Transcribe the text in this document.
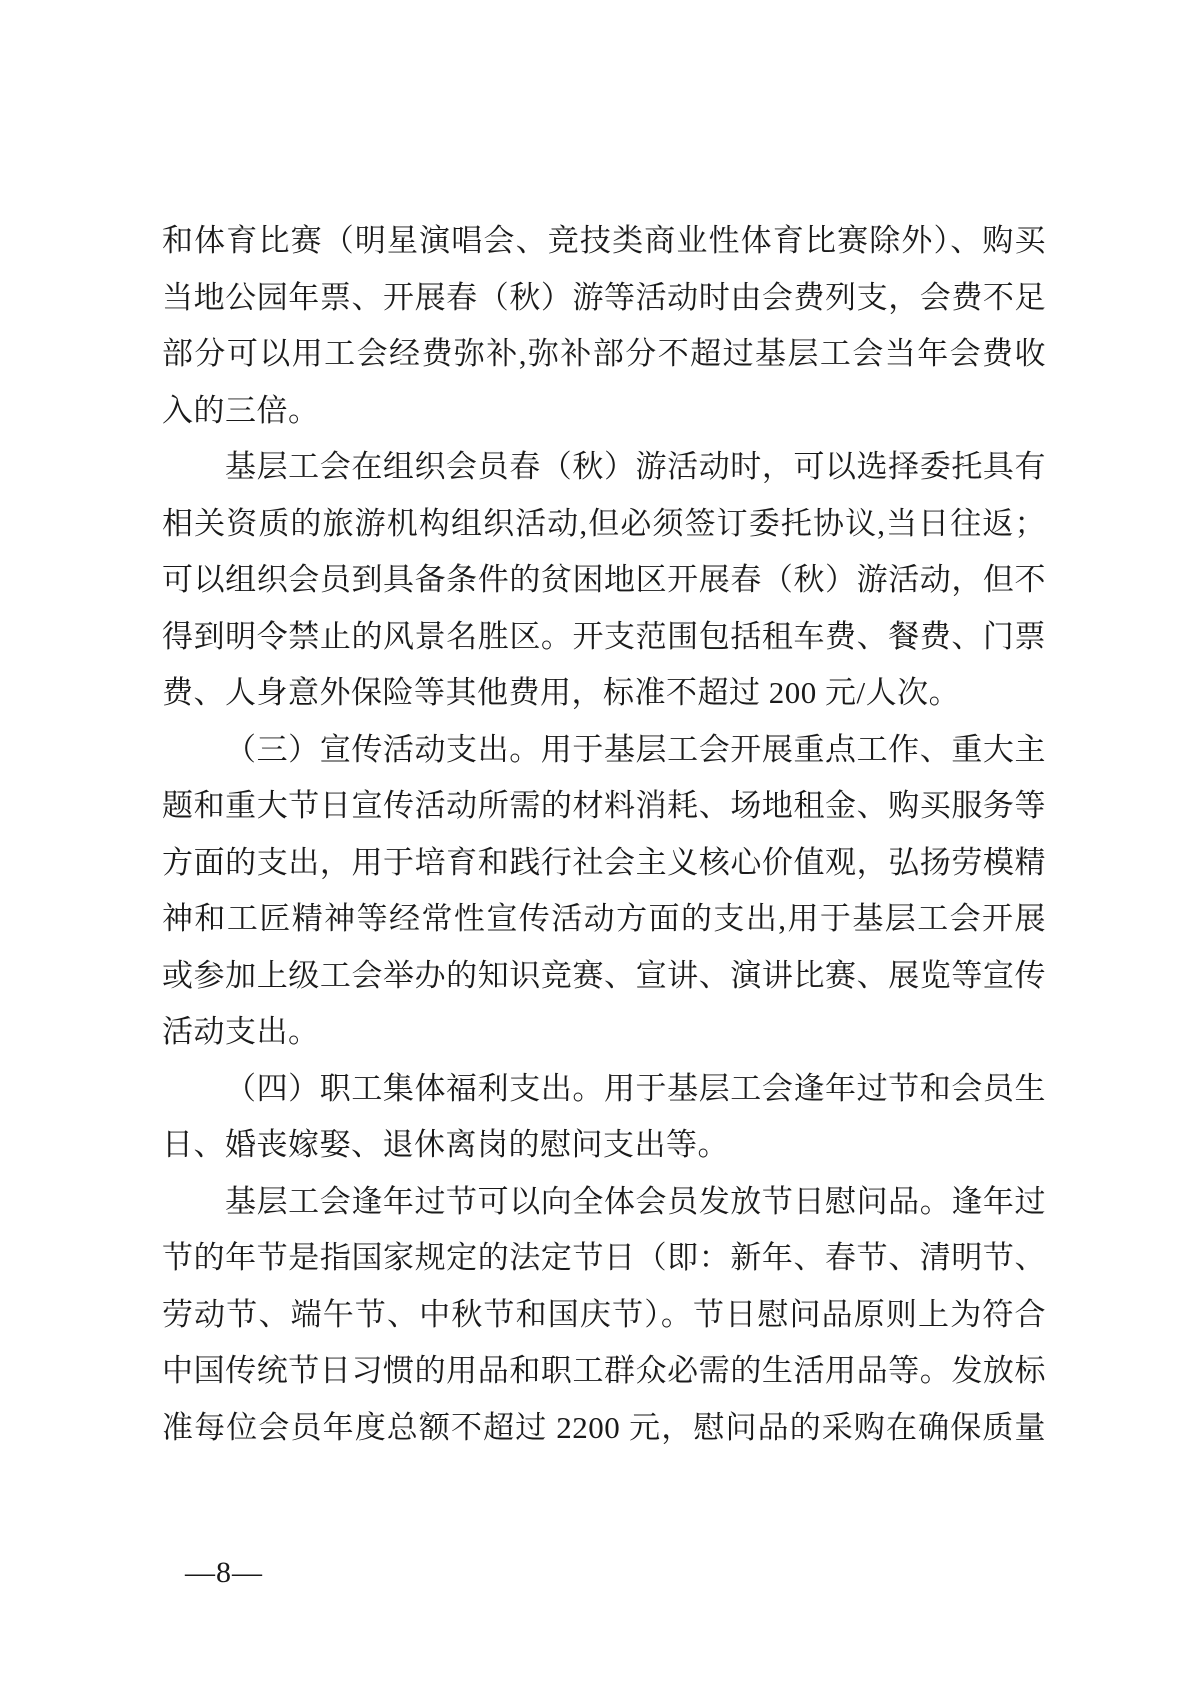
和体育比赛（明星演唱会、竞技类商业性体育比赛除外）、购买
当地公园年票、开展春（秋）游等活动时由会费列支，会费不足
部分可以用工会经费弥补,弥补部分不超过基层工会当年会费收
入的三倍。
基层工会在组织会员春（秋）游活动时，可以选择委托具有
相关资质的旅游机构组织活动,但必须签订委托协议,当日往返；
可以组织会员到具备条件的贫困地区开展春（秋）游活动，但不
得到明令禁止的风景名胜区。开支范围包括租车费、餐费、门票
费、人身意外保险等其他费用，标准不超过 200 元/人次。
（三）宣传活动支出。用于基层工会开展重点工作、重大主
题和重大节日宣传活动所需的材料消耗、场地租金、购买服务等
方面的支出，用于培育和践行社会主义核心价值观，弘扬劳模精
神和工匠精神等经常性宣传活动方面的支出,用于基层工会开展
或参加上级工会举办的知识竞赛、宣讲、演讲比赛、展览等宣传
活动支出。
（四）职工集体福利支出。用于基层工会逢年过节和会员生
日、婚丧嫁娶、退休离岗的慰问支出等。
基层工会逢年过节可以向全体会员发放节日慰问品。逢年过
节的年节是指国家规定的法定节日（即：新年、春节、清明节、
劳动节、端午节、中秋节和国庆节）。节日慰问品原则上为符合
中国传统节日习惯的用品和职工群众必需的生活用品等。发放标
准每位会员年度总额不超过 2200 元，慰问品的采购在确保质量
—8—
